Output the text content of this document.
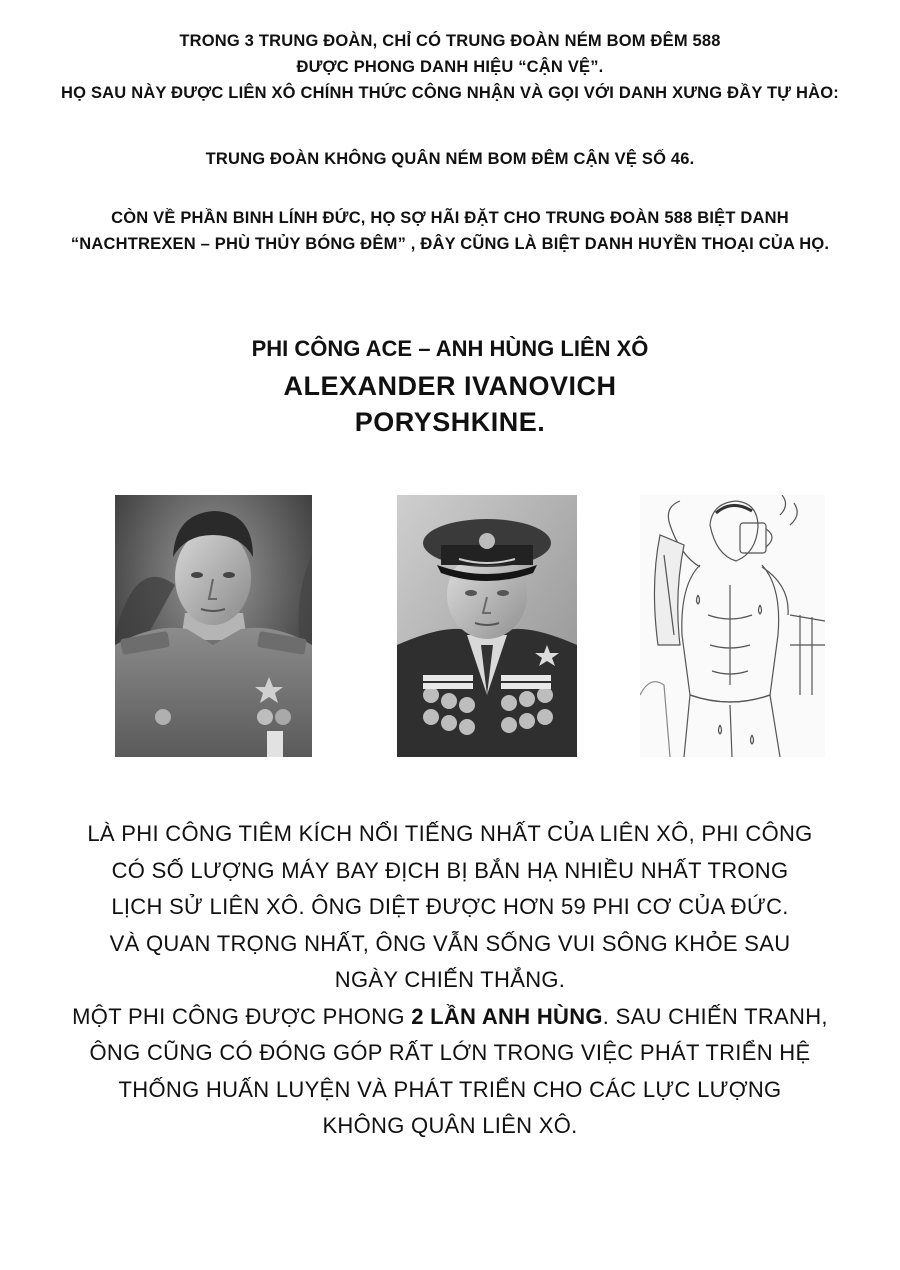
TRONG 3 TRUNG ĐOÀN, CHỈ CÓ TRUNG ĐOÀN NÉM BOM ĐÊM 588

ĐƯỢC PHONG DANH HIỆU “CẬN VỆ”.

HỌ SAU NÀY ĐƯỢC LIÊN XÔ CHÍNH THỨC CÔNG NHẬN VÀ GỌI VỚI DANH XƯNG ĐẦY TỰ HÀO:

TRUNG ĐOÀN KHÔNG QUÂN NÉM BOM ĐÊM CẬN VỆ SỐ 46.

CÒN VỀ PHẦN BINH LÍNH ĐỨC, HỌ SỢ HÃI ĐẶT CHO TRUNG ĐOÀN 588 BIỆT DANH

“NACHTREXEN – PHÙ THỦY BÓNG ĐÊM” , ĐÂY CŨNG LÀ BIỆT DANH HUYỀN THOẠI CỦA HỌ.

PHI CÔNG ACE – ANH HÙNG LIÊN XÔ
ALEXANDER IVANOVICH
PORYSHKINE.

LÀ PHI CÔNG TIÊM KÍCH NỔI TIẾNG NHẤT CỦA LIÊN XÔ, PHI CÔNG

CÓ SỐ LƯỢNG MÁY BAY ĐỊCH BỊ BẮN HẠ NHIỀU NHẤT TRONG

LỊCH SỬ LIÊN XÔ. ÔNG DIỆT ĐƯỢC HƠN 59 PHI CƠ CỦA ĐỨC.

VÀ QUAN TRỌNG NHẤT, ÔNG VẪN SỐNG VUI SÔNG KHỎE SAU

NGÀY CHIẾN THẮNG.

MỘT PHI CÔNG ĐƯỢC PHONG 2 LẦN ANH HÙNG. SAU CHIẾN TRANH,

ÔNG CŨNG CÓ ĐÓNG GÓP RẤT LỚN TRONG VIỆC PHÁT TRIỂN HỆ

THỐNG HUẤN LUYỆN VÀ PHÁT TRIỂN CHO CÁC LỰC LƯỢNG

KHÔNG QUÂN LIÊN XÔ.
